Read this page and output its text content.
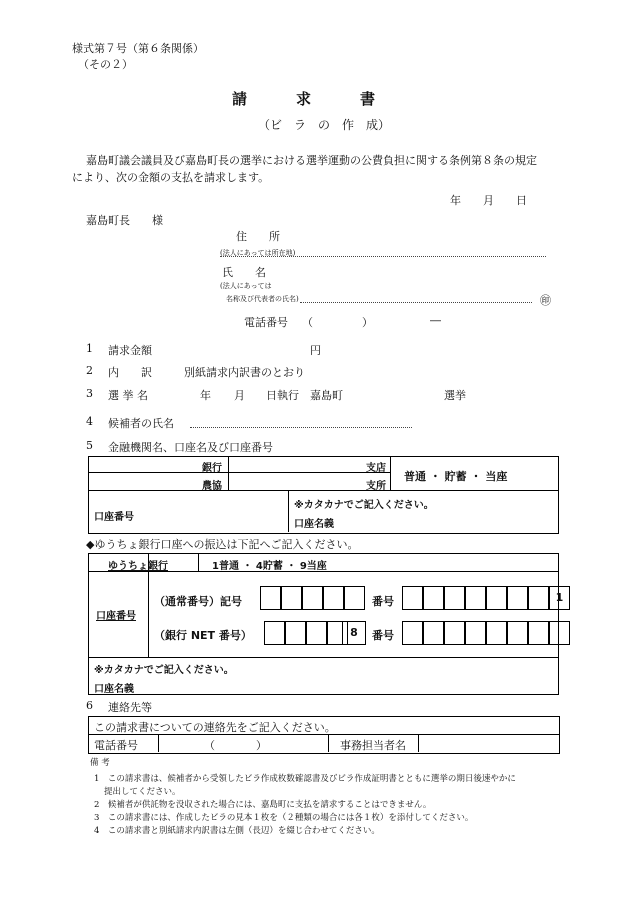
様式第７号（第６条関係）
（その２）
請　　　求　　　書
（ビ　ラ　の　作　成）
嘉島町議会議員及び嘉島町長の選挙における選挙運動の公費負担に関する条例第８条の規定
により、次の金額の支払を請求します。
年　　月　　日
嘉島町長　　様
住　　所
(法人にあっては所在地)
氏　　名
(法人にあっては
名称及び代表者の氏名)	㊞
電話番号 （	）	―
1 請求金額	円
2 内　　訳	別紙請求内訳書のとおり
3 選 挙 名	年 月 日執行　嘉島町	選挙
4 候補者の氏名
5 金融機関名、口座名及び口座番号
銀行	支店
農協	支所
普通 ・ 貯蓄 ・ 当座
口座番号
※カタカナでご記入ください。
口座名義
◆ゆうちょ銀行口座への振込は下記へご記入ください。
ゆうちょ銀行	1普通 ・ 4貯蓄 ・ 9当座
口座番号
（通常番号）記号	番号
（銀行 NET 番号）	番号
1
8
※カタカナでご記入ください。
口座名義
6 連絡先等
この請求書についての連絡先をご記入ください。
電話番号	（	）	事務担当者名
備 考
1　この請求書は、候補者から受領したビラ作成枚数確認書及びビラ作成証明書とともに選挙の期日後速やかに
提出してください。
2　候補者が供託物を没収された場合には、嘉島町に支払を請求することはできません。
3　この請求書には、作成したビラの見本１枚を（２種類の場合には各１枚）を添付してください。
4　この請求書と別紙請求内訳書は左側（長辺）を綴じ合わせてください。
